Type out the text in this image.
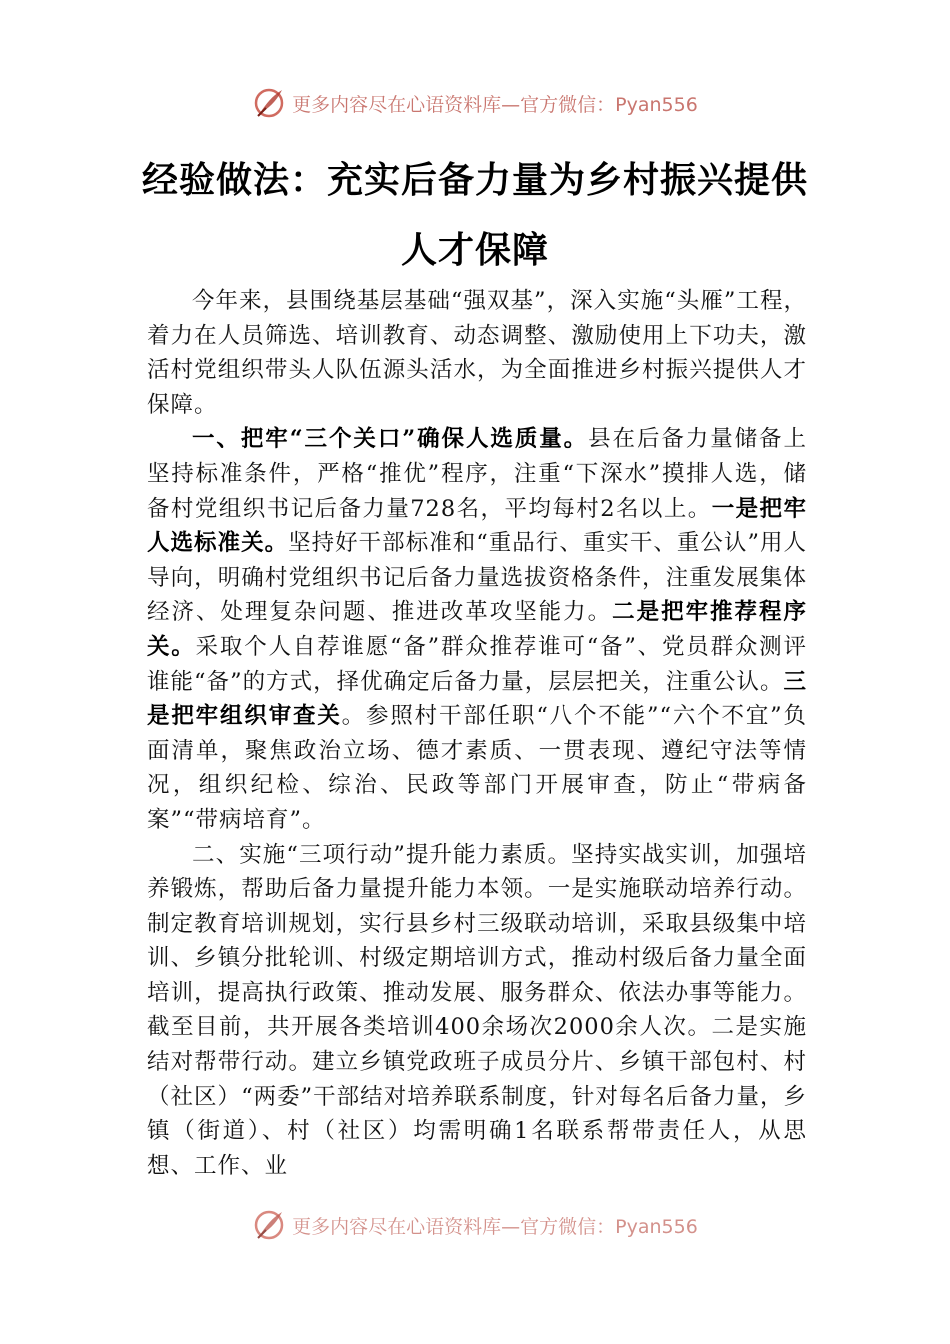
更多内容尽在心语资料库—官方微信：Pyan556
经验做法：充实后备力量为乡村振兴提供
人才保障

今年来，县围绕基层基础“强双基”，深入实施“头雁”工程，着力在人员筛选、培训教育、动态调整、激励使用上下功夫，激活村党组织带头人队伍源头活水，为全面推进乡村振兴提供人才保障。

一、把牢“三个关口”确保人选质量。县在后备力量储备上坚持标准条件，严格“推优”程序，注重“下深水”摸排人选，储备村党组织书记后备力量728名，平均每村2名以上。一是把牢人选标准关。坚持好干部标准和“重品行、重实干、重公认”用人导向，明确村党组织书记后备力量选拔资格条件，注重发展集体经济、处理复杂问题、推进改革攻坚能力。二是把牢推荐程序关。采取个人自荐谁愿“备”群众推荐谁可“备”、党员群众测评谁能“备”的方式，择优确定后备力量，层层把关，注重公认。三是把牢组织审查关。参照村干部任职“八个不能”“六个不宜”负面清单，聚焦政治立场、德才素质、一贯表现、遵纪守法等情况，组织纪检、综治、民政等部门开展审查，防止“带病备案”“带病培育”。

二、实施“三项行动”提升能力素质。坚持实战实训，加强培养锻炼，帮助后备力量提升能力本领。一是实施联动培养行动。制定教育培训规划，实行县乡村三级联动培训，采取县级集中培训、乡镇分批轮训、村级定期培训方式，推动村级后备力量全面培训，提高执行政策、推动发展、服务群众、依法办事等能力。截至目前，共开展各类培训400余场次2000余人次。二是实施结对帮带行动。建立乡镇党政班子成员分片、乡镇干部包村、村（社区）“两委”干部结对培养联系制度，针对每名后备力量，乡镇（街道）、村（社区）均需明确1名联系帮带责任人，从思想、工作、业

更多内容尽在心语资料库—官方微信：Pyan556
